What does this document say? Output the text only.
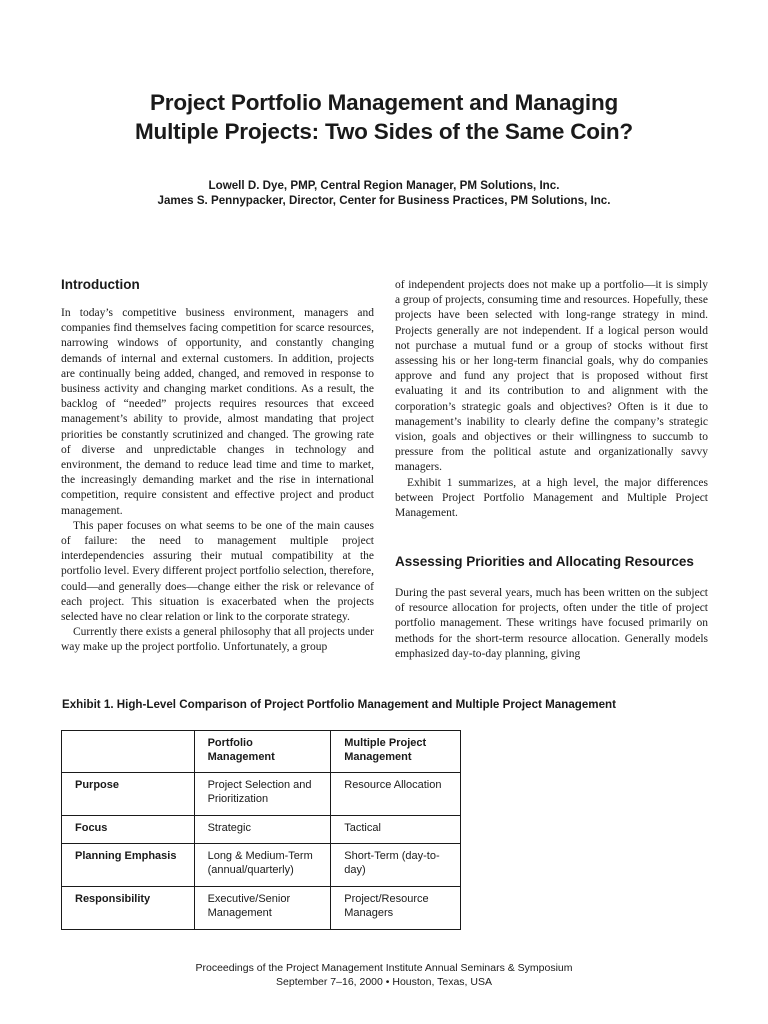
Project Portfolio Management and Managing
Multiple Projects: Two Sides of the Same Coin?
Lowell D. Dye, PMP, Central Region Manager, PM Solutions, Inc.
James S. Pennypacker, Director, Center for Business Practices, PM Solutions, Inc.
Introduction

In today’s competitive business environment, managers and companies find themselves facing competition for scarce resources, narrowing windows of opportunity, and constantly changing demands of internal and external customers. In addition, projects are continually being added, changed, and removed in response to business activity and changing market conditions. As a result, the backlog of “needed” projects requires resources that exceed management’s ability to provide, almost mandating that project priorities be constantly scrutinized and changed. The growing rate of diverse and unpredictable changes in technology and environment, the demand to reduce lead time and time to market, the increasingly demanding market and the rise in international competition, require consistent and effective project and product management.

This paper focuses on what seems to be one of the main causes of failure: the need to management multiple project interdependencies assuring their mutual compatibility at the portfolio level. Every different project portfolio selection, therefore, could—and generally does—change either the risk or relevance of each project. This situation is exacerbated when the projects selected have no clear relation or link to the corporate strategy.

Currently there exists a general philosophy that all projects under way make up the project portfolio. Unfortunately, a group

of independent projects does not make up a portfolio—it is simply a group of projects, consuming time and resources. Hopefully, these projects have been selected with long-range strategy in mind. Projects generally are not independent. If a logical person would not purchase a mutual fund or a group of stocks without first assessing his or her long-term financial goals, why do companies approve and fund any project that is proposed without first evaluating it and its contribution to and alignment with the corporation’s strategic goals and objectives? Often is it due to management’s inability to clearly define the company’s strategic vision, goals and objectives or their willingness to succumb to pressure from the political astute and organizationally savvy managers.

Exhibit 1 summarizes, at a high level, the major differences between Project Portfolio Management and Multiple Project Management.

Assessing Priorities and Allocating Resources

During the past several years, much has been written on the subject of resource allocation for projects, often under the title of project portfolio management. These writings have focused primarily on methods for the short-term resource allocation. Generally models emphasized day-to-day planning, giving

Exhibit 1. High-Level Comparison of Project Portfolio Management and Multiple Project Management
	Portfolio Management	Multiple Project Management
Purpose	Project Selection and Prioritization	Resource Allocation
Focus	Strategic	Tactical
Planning Emphasis	Long & Medium-Term (annual/quarterly)	Short-Term (day-to-day)
Responsibility	Executive/Senior Management	Project/Resource Managers
Proceedings of the Project Management Institute Annual Seminars & Symposium
September 7–16, 2000 • Houston, Texas, USA
